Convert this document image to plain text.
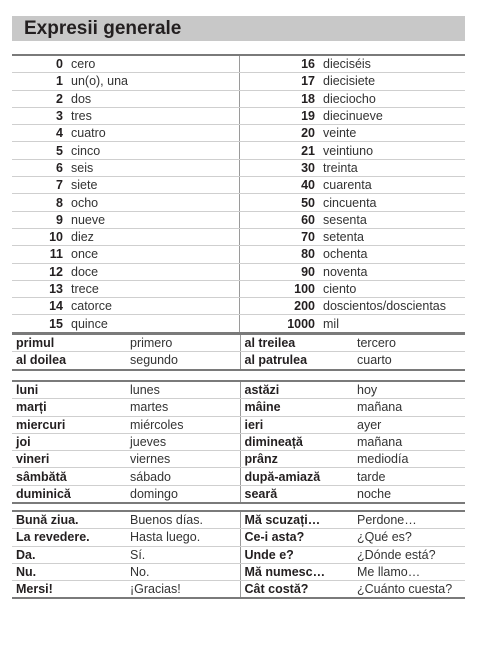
Expresii generale
0	cero	16	dieciséis
1	un(o), una	17	diecisiete
2	dos	18	dieciocho
3	tres	19	diecinueve
4	cuatro	20	veinte
5	cinco	21	veintiuno
6	seis	30	treinta
7	siete	40	cuarenta
8	ocho	50	cincuenta
9	nueve	60	sesenta
10	diez	70	setenta
11	once	80	ochenta
12	doce	90	noventa
13	trece	100	ciento
14	catorce	200	doscientos/doscientas
15	quince	1000	mil
primul	primero	al treilea	tercero
al doilea	segundo	al patrulea	cuarto
luni	lunes	astăzi	hoy
marți	martes	mâine	mañana
miercuri	miércoles	ieri	ayer
joi	jueves	dimineață	mañana
vineri	viernes	prânz	mediodía
sâmbătă	sábado	după-amiază	tarde
duminică	domingo	seară	noche
Bună ziua.	Buenos días.	Mă scuzați…	Perdone…
La revedere.	Hasta luego.	Ce-i asta?	¿Qué es?
Da.	Sí.	Unde e?	¿Dónde está?
Nu.	No.	Mă numesc…	Me llamo…
Mersi!	¡Gracias!	Cât costă?	¿Cuánto cuesta?
